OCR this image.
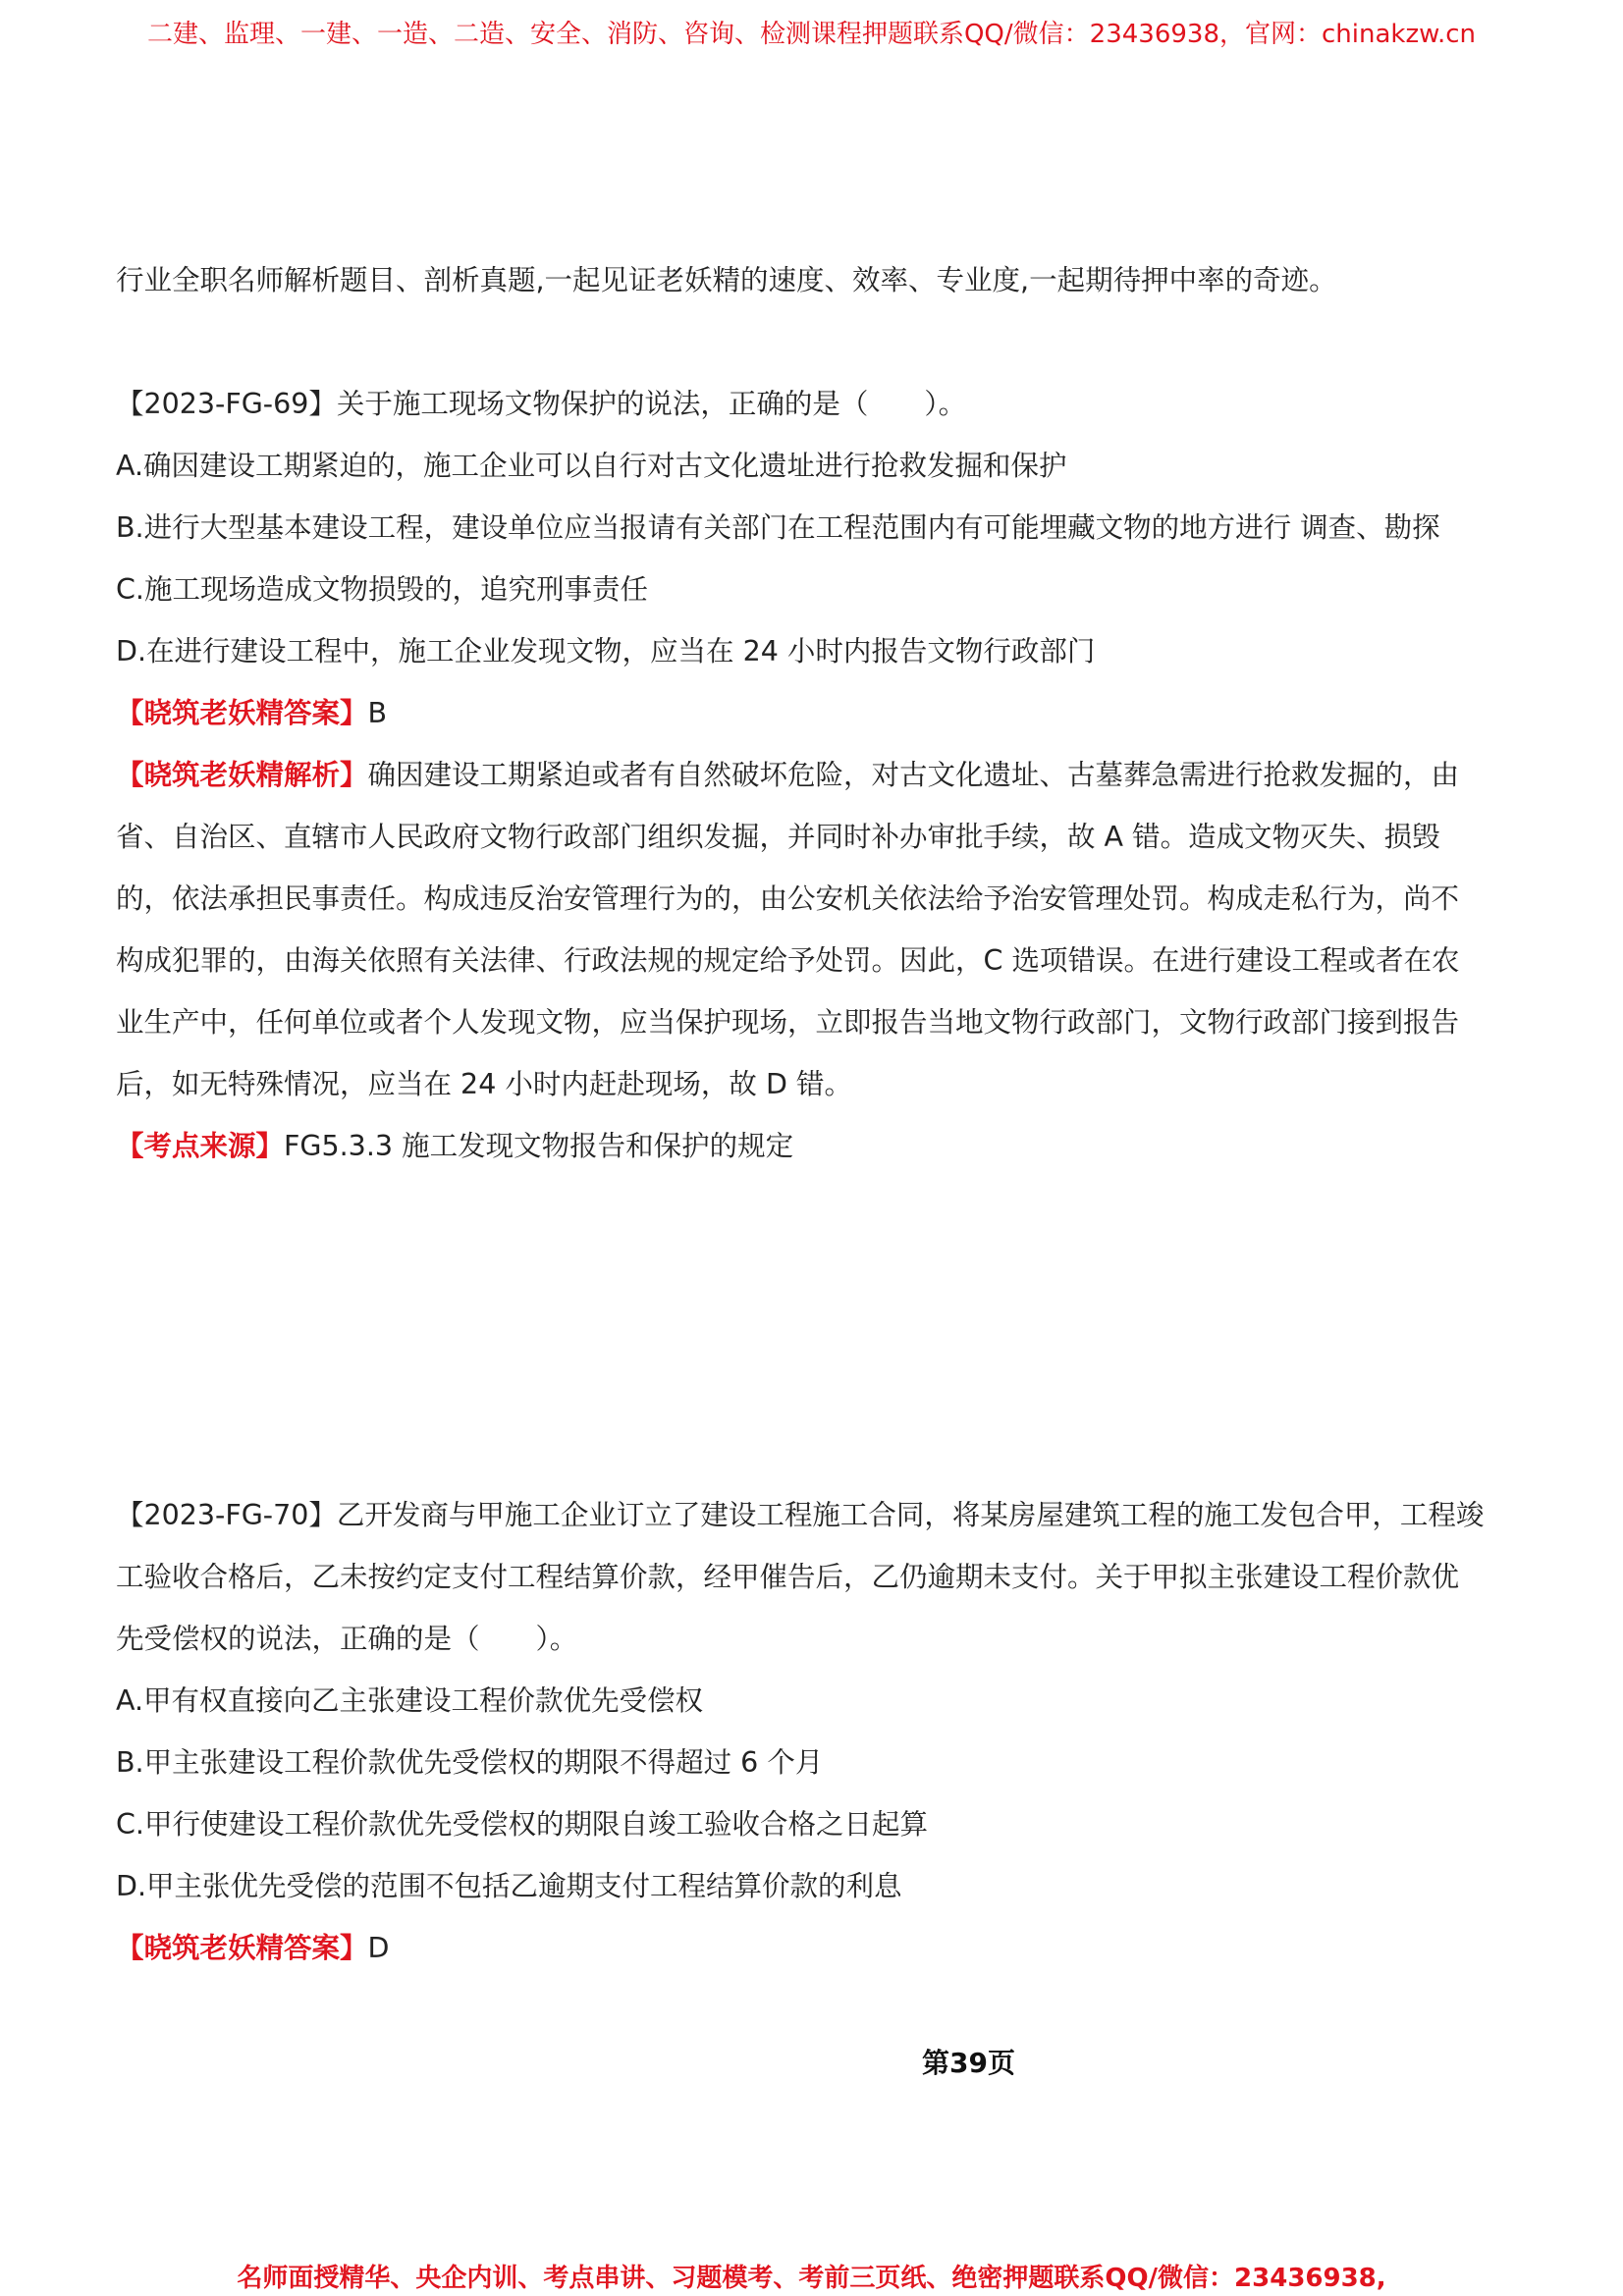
二建、监理、一建、一造、二造、安全、消防、咨询、检测课程押题联系QQ/微信：23436938，官网：chinakzw.cn
行业全职名师解析题目、剖析真题,一起见证老妖精的速度、效率、专业度,一起期待押中率的奇迹。
【2023-FG-69】关于施工现场文物保护的说法，正确的是（　　）。
A.确因建设工期紧迫的，施工企业可以自行对古文化遗址进行抢救发掘和保护
B.进行大型基本建设工程，建设单位应当报请有关部门在工程范围内有可能埋藏文物的地方进行 调查、勘探
C.施工现场造成文物损毁的，追究刑事责任
D.在进行建设工程中，施工企业发现文物，应当在 24 小时内报告文物行政部门
【晓筑老妖精答案】B
【晓筑老妖精解析】确因建设工期紧迫或者有自然破坏危险，对古文化遗址、古墓葬急需进行抢救发掘的，由
省、自治区、直辖市人民政府文物行政部门组织发掘，并同时补办审批手续，故 A 错。造成文物灭失、损毁
的，依法承担民事责任。构成违反治安管理行为的，由公安机关依法给予治安管理处罚。构成走私行为，尚不
构成犯罪的，由海关依照有关法律、行政法规的规定给予处罚。因此，C 选项错误。在进行建设工程或者在农
业生产中，任何单位或者个人发现文物，应当保护现场，立即报告当地文物行政部门，文物行政部门接到报告
后，如无特殊情况，应当在 24 小时内赶赴现场，故 D 错。
【考点来源】FG5.3.3 施工发现文物报告和保护的规定
【2023-FG-70】乙开发商与甲施工企业订立了建设工程施工合同，将某房屋建筑工程的施工发包合甲，工程竣
工验收合格后，乙未按约定支付工程结算价款，经甲催告后，乙仍逾期未支付。关于甲拟主张建设工程价款优
先受偿权的说法，正确的是（　　）。
A.甲有权直接向乙主张建设工程价款优先受偿权
B.甲主张建设工程价款优先受偿权的期限不得超过 6 个月
C.甲行使建设工程价款优先受偿权的期限自竣工验收合格之日起算
D.甲主张优先受偿的范围不包括乙逾期支付工程结算价款的利息
【晓筑老妖精答案】D
第39页
名师面授精华、央企内训、考点串讲、习题模考、考前三页纸、绝密押题联系QQ/微信：23436938,
